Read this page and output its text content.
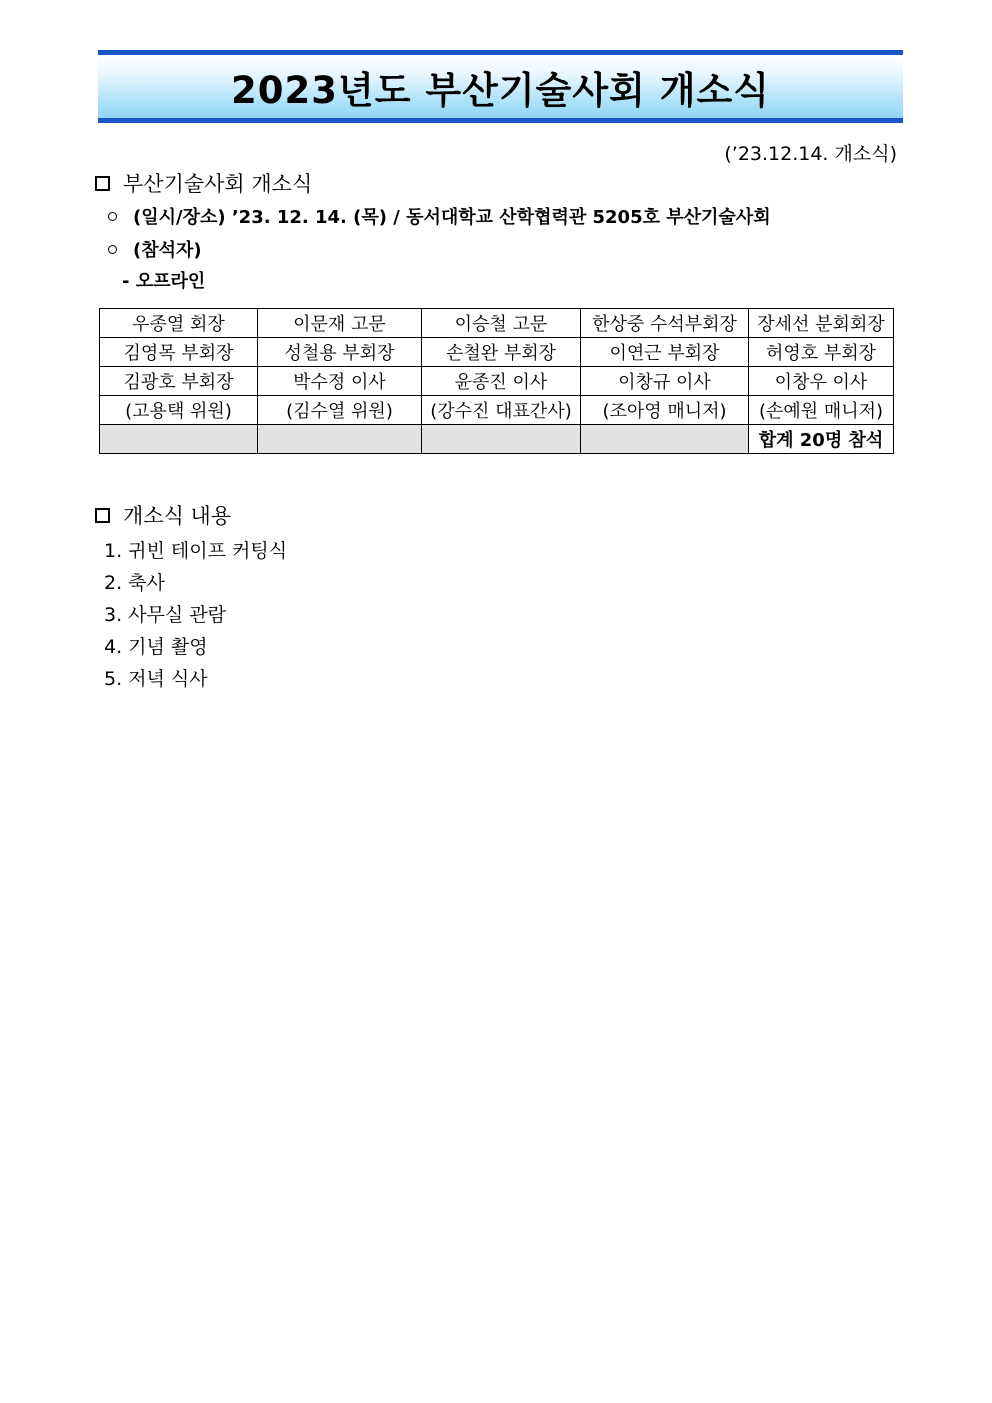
2023년도 부산기술사회 개소식
(’23.12.14. 개소식)
부산기술사회 개소식
(일시/장소) ’23. 12. 14. (목) / 동서대학교 산학협력관 5205호 부산기술사회
(참석자)
- 오프라인
우종열 회장	이문재 고문	이승철 고문	한상중 수석부회장	장세선 분회회장
김영목 부회장	성철용 부회장	손철완 부회장	이연근 부회장	허영호 부회장
김광호 부회장	박수정 이사	윤종진 이사	이창규 이사	이창우 이사
(고용택 위원)	(김수열 위원)	(강수진 대표간사)	(조아영 매니저)	(손예원 매니저)
				합계 20명 참석
개소식 내용
1. 귀빈 테이프 커팅식
2. 축사
3. 사무실 관람
4. 기념 촬영
5. 저녁 식사
